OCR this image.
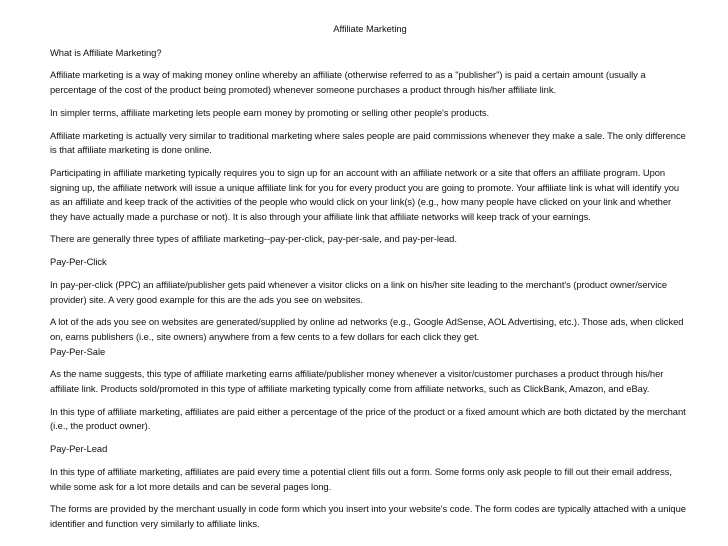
Affiliate Marketing

What is Affiliate Marketing?

Affiliate marketing is a way of making money online whereby an affiliate (otherwise referred to as a "publisher") is paid a certain amount (usually a percentage of the cost of the product being promoted) whenever someone purchases a product through his/her affiliate link.

In simpler terms, affiliate marketing lets people earn money by promoting or selling other people's products.

Affiliate marketing is actually very similar to traditional marketing where sales people are paid commissions whenever they make a sale. The only difference is that affiliate marketing is done online.

Participating in affiliate marketing typically requires you to sign up for an account with an affiliate network or a site that offers an affiliate program. Upon signing up, the affiliate network will issue a unique affiliate link for you for every product you are going to promote. Your affiliate link is what will identify you as an affiliate and keep track of the activities of the people who would click on your link(s) (e.g., how many people have clicked on your link and whether they have actually made a purchase or not). It is also through your affiliate link that affiliate networks will keep track of your earnings.

There are generally three types of affiliate marketing--pay-per-click, pay-per-sale, and pay-per-lead.

Pay-Per-Click

In pay-per-click (PPC) an affiliate/publisher gets paid whenever a visitor clicks on a link on his/her site leading to the merchant's (product owner/service provider) site. A very good example for this are the ads you see on websites.

A lot of the ads you see on websites are generated/supplied by online ad networks (e.g., Google AdSense, AOL Advertising, etc.). Those ads, when clicked on, earns publishers (i.e., site owners) anywhere from a few cents to a few dollars for each click they get.

Pay-Per-Sale

As the name suggests, this type of affiliate marketing earns affiliate/publisher money whenever a visitor/customer purchases a product through his/her affiliate link. Products sold/promoted in this type of affiliate marketing typically come from affiliate networks, such as ClickBank, Amazon, and eBay.

In this type of affiliate marketing, affiliates are paid either a percentage of the price of the product or a fixed amount which are both dictated by the merchant (i.e., the product owner).

Pay-Per-Lead

In this type of affiliate marketing, affiliates are paid every time a potential client fills out a form. Some forms only ask people to fill out their email address, while some ask for a lot more details and can be several pages long.

The forms are provided by the merchant usually in code form which you insert into your website's code. The form codes are typically attached with a unique identifier and function very similarly to affiliate links.
